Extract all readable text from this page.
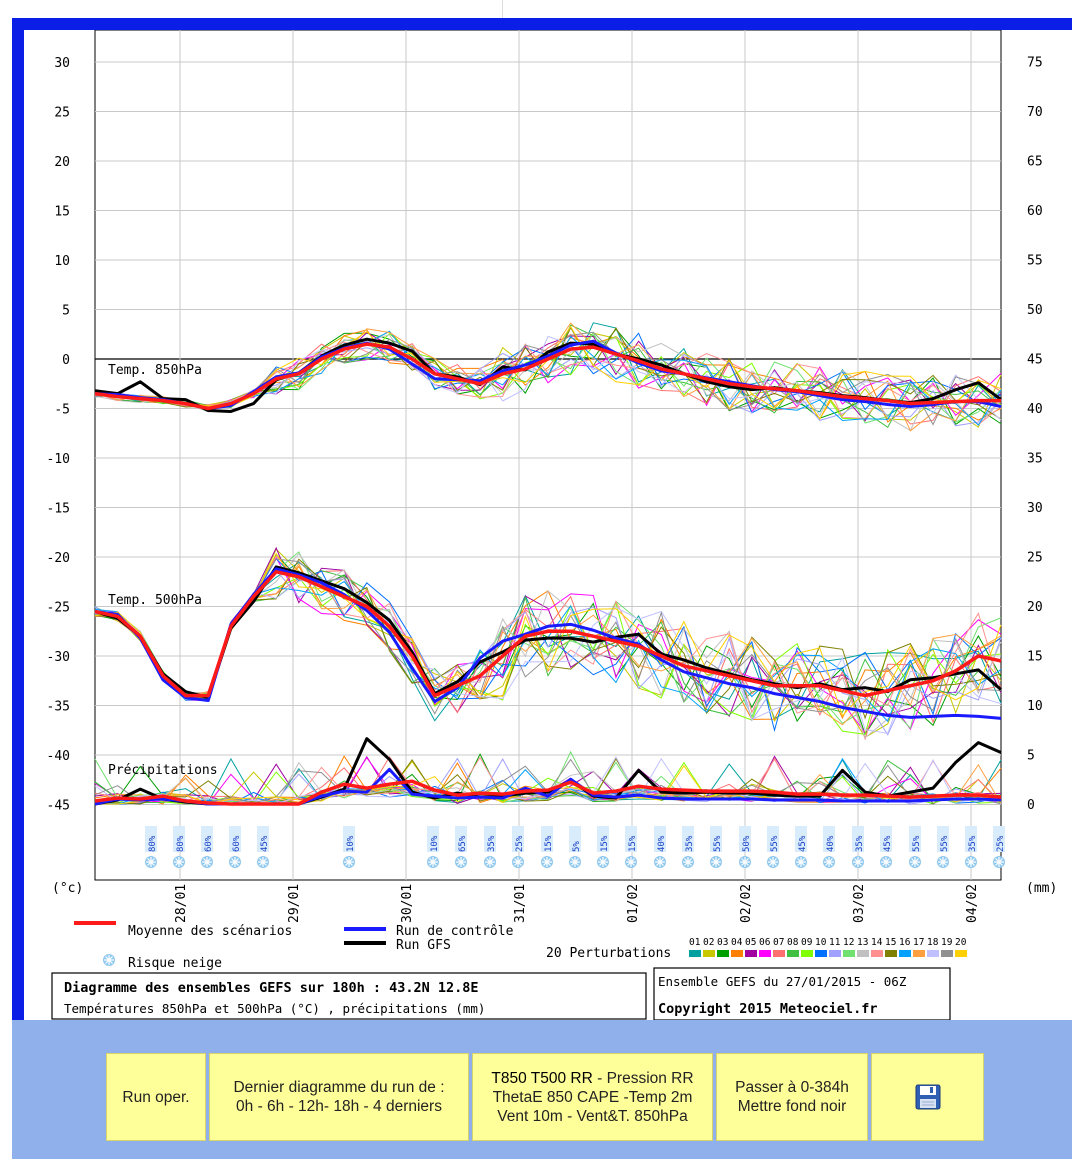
30
25
20
15
10
5
0
-5
-10
-15
-20
-25
-30
-35
-40
-45
75
70
65
60
55
50
45
40
35
30
25
20
15
10
5
0
80% 80% 60% 60% 45%	10%	10% 65% 35% 25% 15% 5% 15% 15% 40% 35% 55% 50% 55% 45% 40% 35% 45% 55% 55% 35% 25%
28/01	29/01	30/01	31/01	01/02	02/02	03/02	04/02
(°c)	(mm)
Temp. 850hPa
Temp. 500hPa
Précipitations
Moyenne des scénarios	Run de contrôle
Run GFS
Risque neige
20 Perturbations
01 02 03 04 05 06 07 08 09 10 11 12 13 14 15 16 17 18 19 20
Diagramme des ensembles GEFS sur 180h : 43.2N 12.8E
Températures 850hPa et 500hPa (°C) , précipitations (mm)
Ensemble GEFS du 27/01/2015 - 06Z
Copyright 2015 Meteociel.fr
Run oper.
Dernier diagramme du run de :
0h - 6h - 12h- 18h - 4 derniers
T850 T500 RR - Pression RR
ThetaE 850 CAPE -Temp 2m
Vent 10m - Vent&T. 850hPa
Passer à 0-384h
Mettre fond noir
